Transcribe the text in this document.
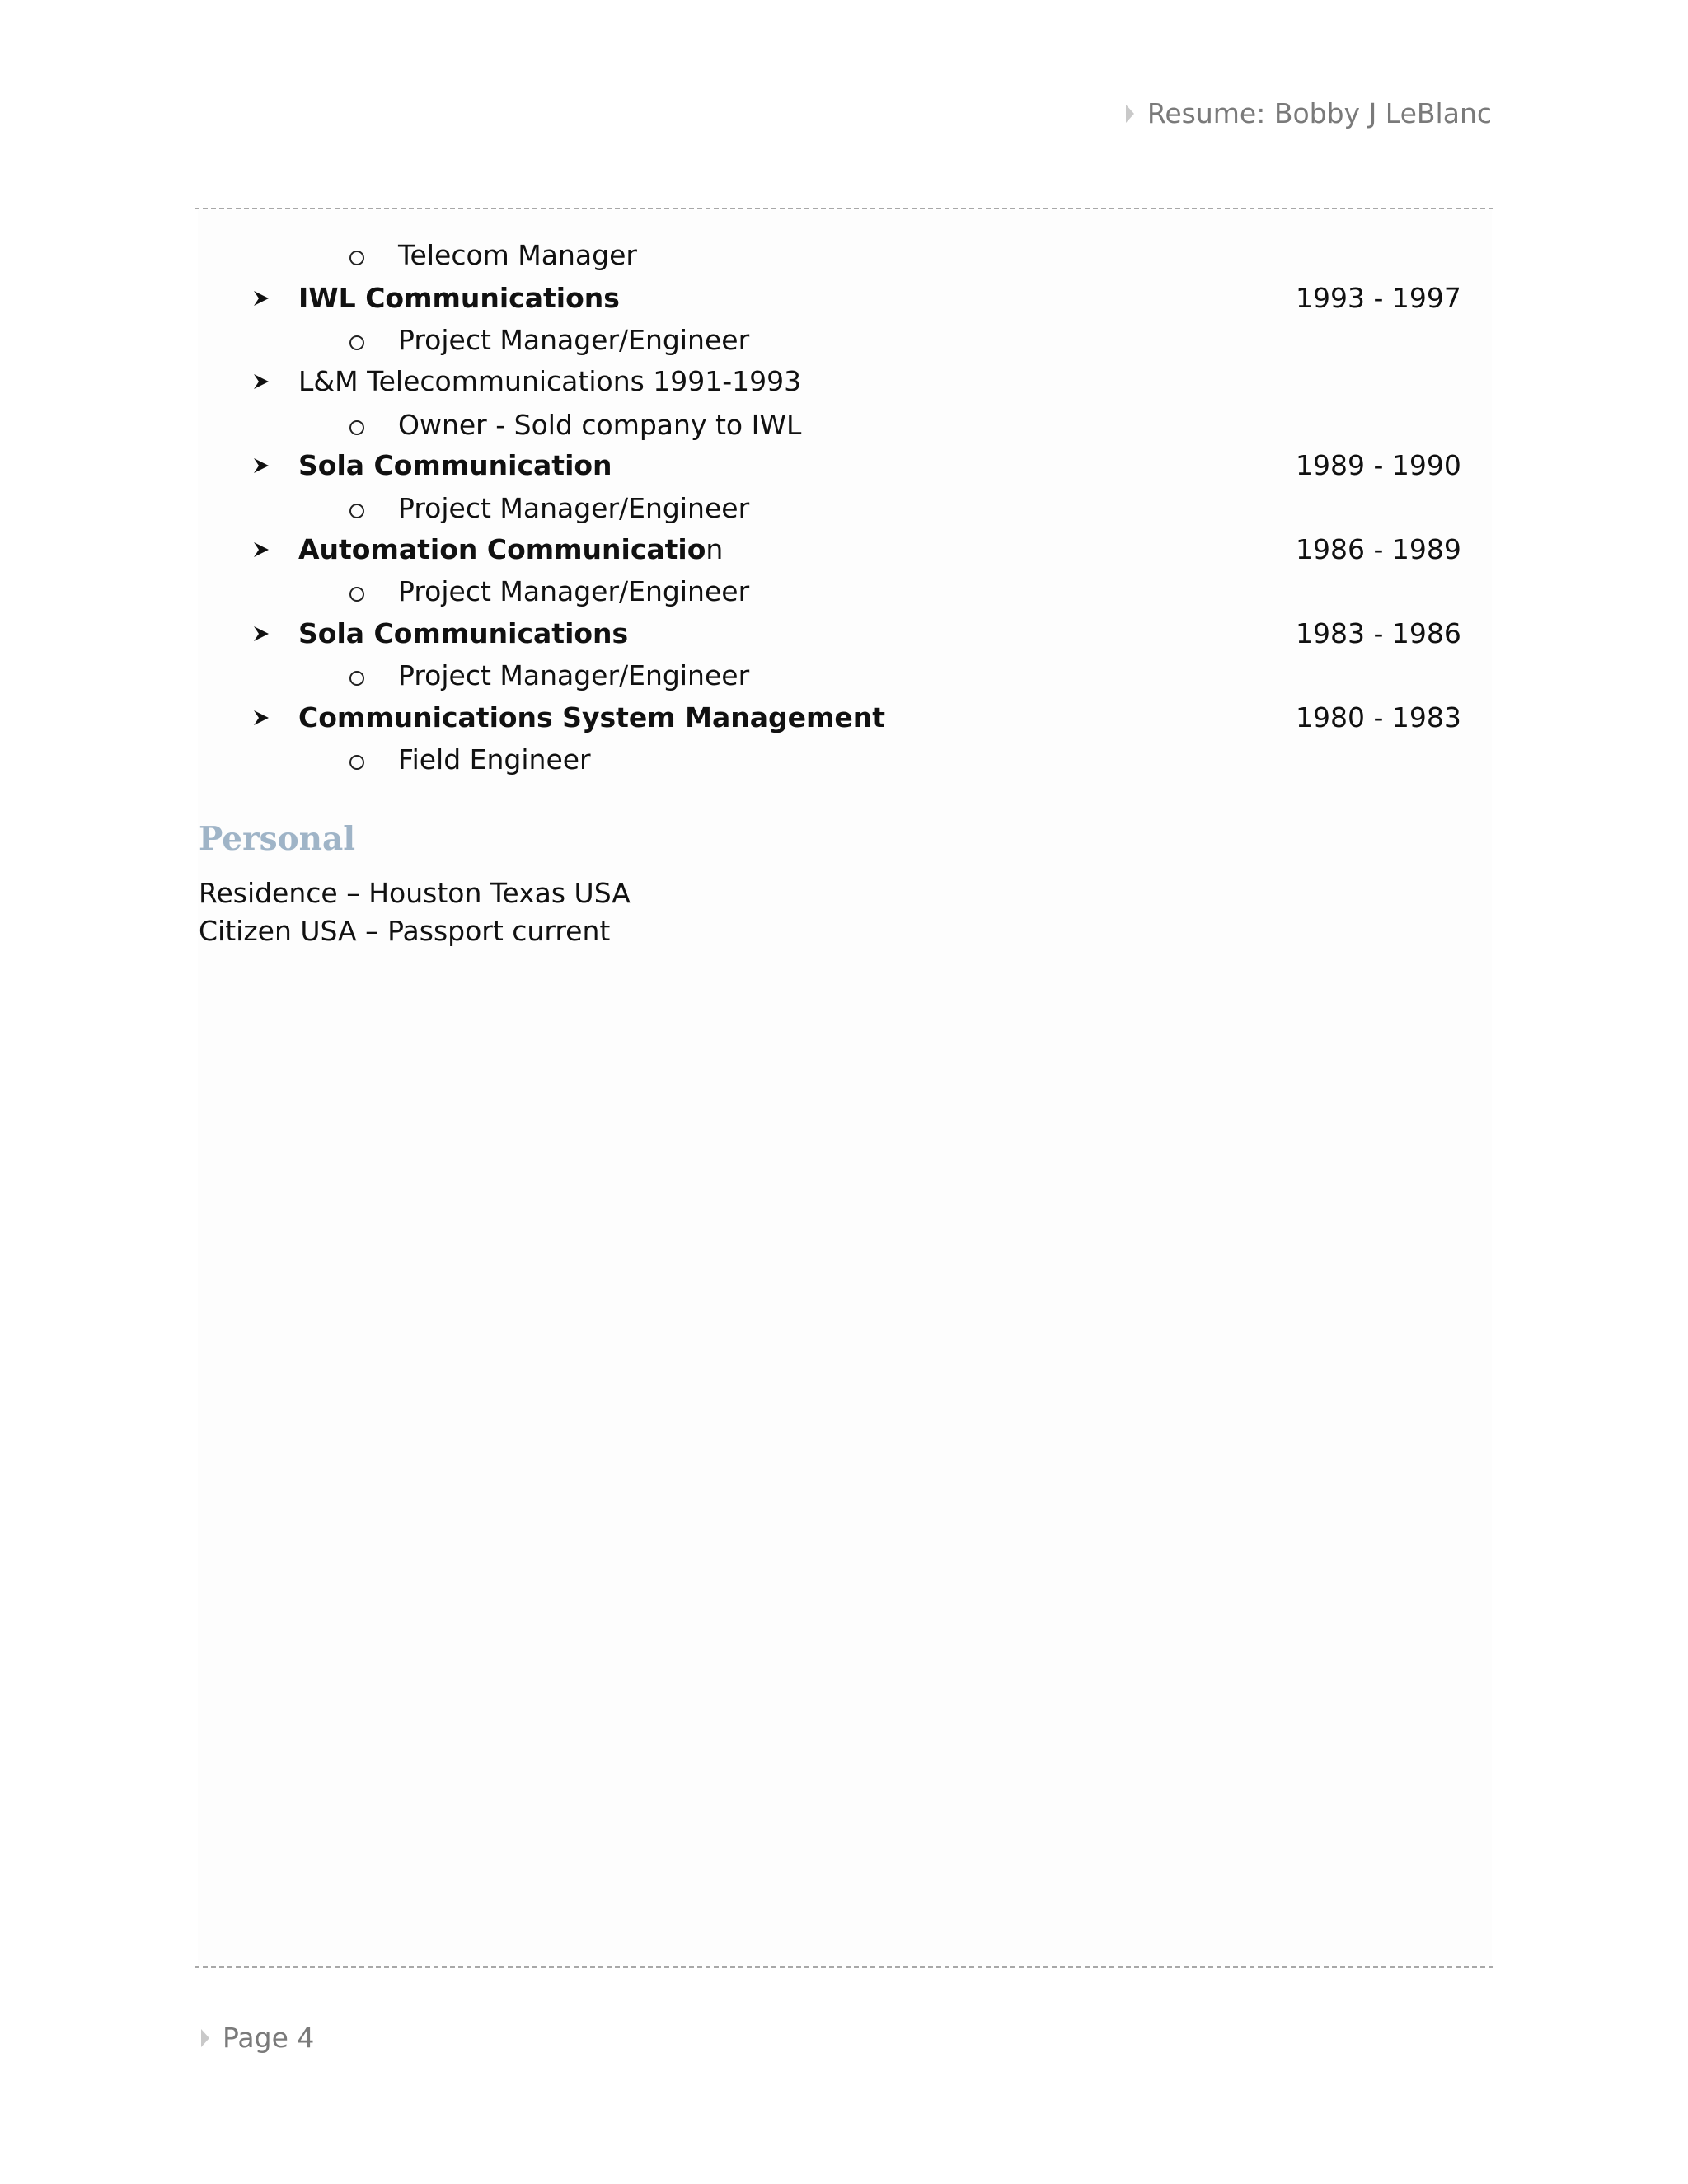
Resume: Bobby J LeBlanc
Telecom Manager
IWL Communications	1993 - 1997
Project Manager/Engineer
L&M Telecommunications 1991-1993
Owner - Sold company to IWL
Sola Communication	1989 - 1990
Project Manager/Engineer
Automation Communication	1986 - 1989
Project Manager/Engineer
Sola Communications	1983 - 1986
Project Manager/Engineer
Communications System Management	1980 - 1983
Field Engineer
Personal
Residence – Houston Texas USA
Citizen USA – Passport current
Page 4
